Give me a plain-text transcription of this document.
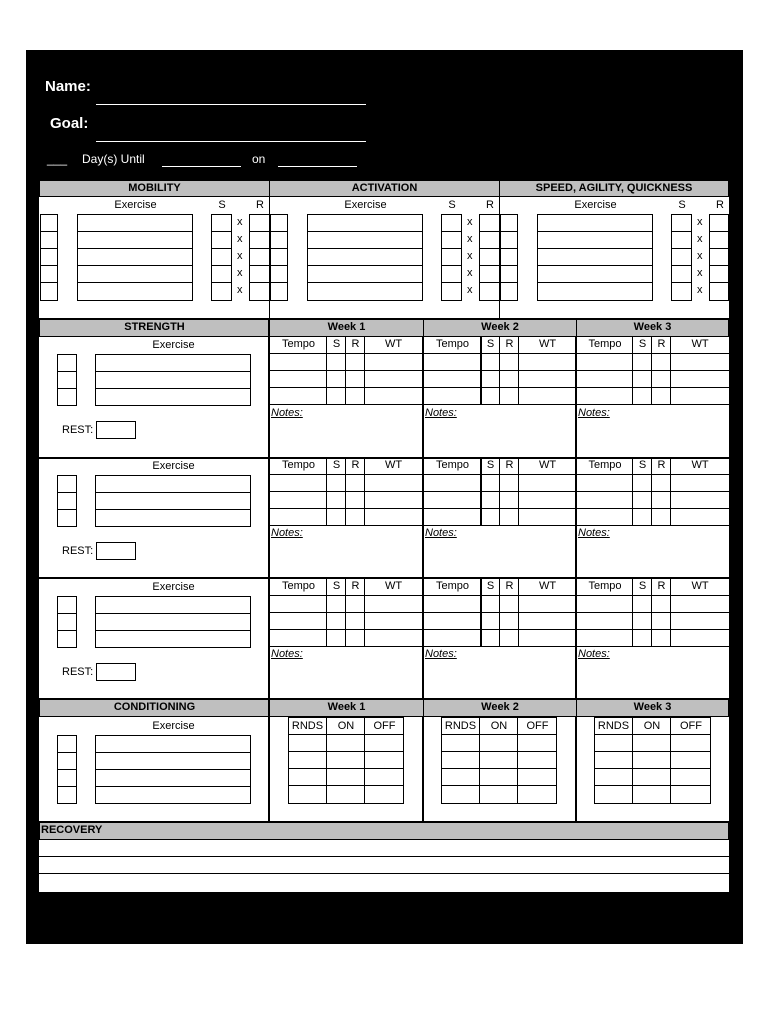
Name:
Goal:
___ Day(s) Until	on
MOBILITY	ACTIVATION	SPEED, AGILITY, QUICKNESS
Exercise	S	R
x
x
x
x
x
Exercise	S	R
x
x
x
x
x
Exercise	S	R
x
x
x
x
x
STRENGTH	Week 1	Week 2	Week 3
Exercise
REST:
Tempo	S	R	WT	Tempo	S	R	WT	Tempo	S	R	WT
Notes:	Notes:	Notes:
Exercise
REST:
Tempo	S	R	WT	Tempo	S	R	WT	Tempo	S	R	WT
Notes:	Notes:	Notes:
Exercise
REST:
Tempo	S	R	WT	Tempo	S	R	WT	Tempo	S	R	WT
Notes:	Notes:	Notes:
CONDITIONING	Week 1	Week 2	Week 3
Exercise	RNDS	ON	OFF	RNDS	ON	OFF	RNDS	ON	OFF
RECOVERY
